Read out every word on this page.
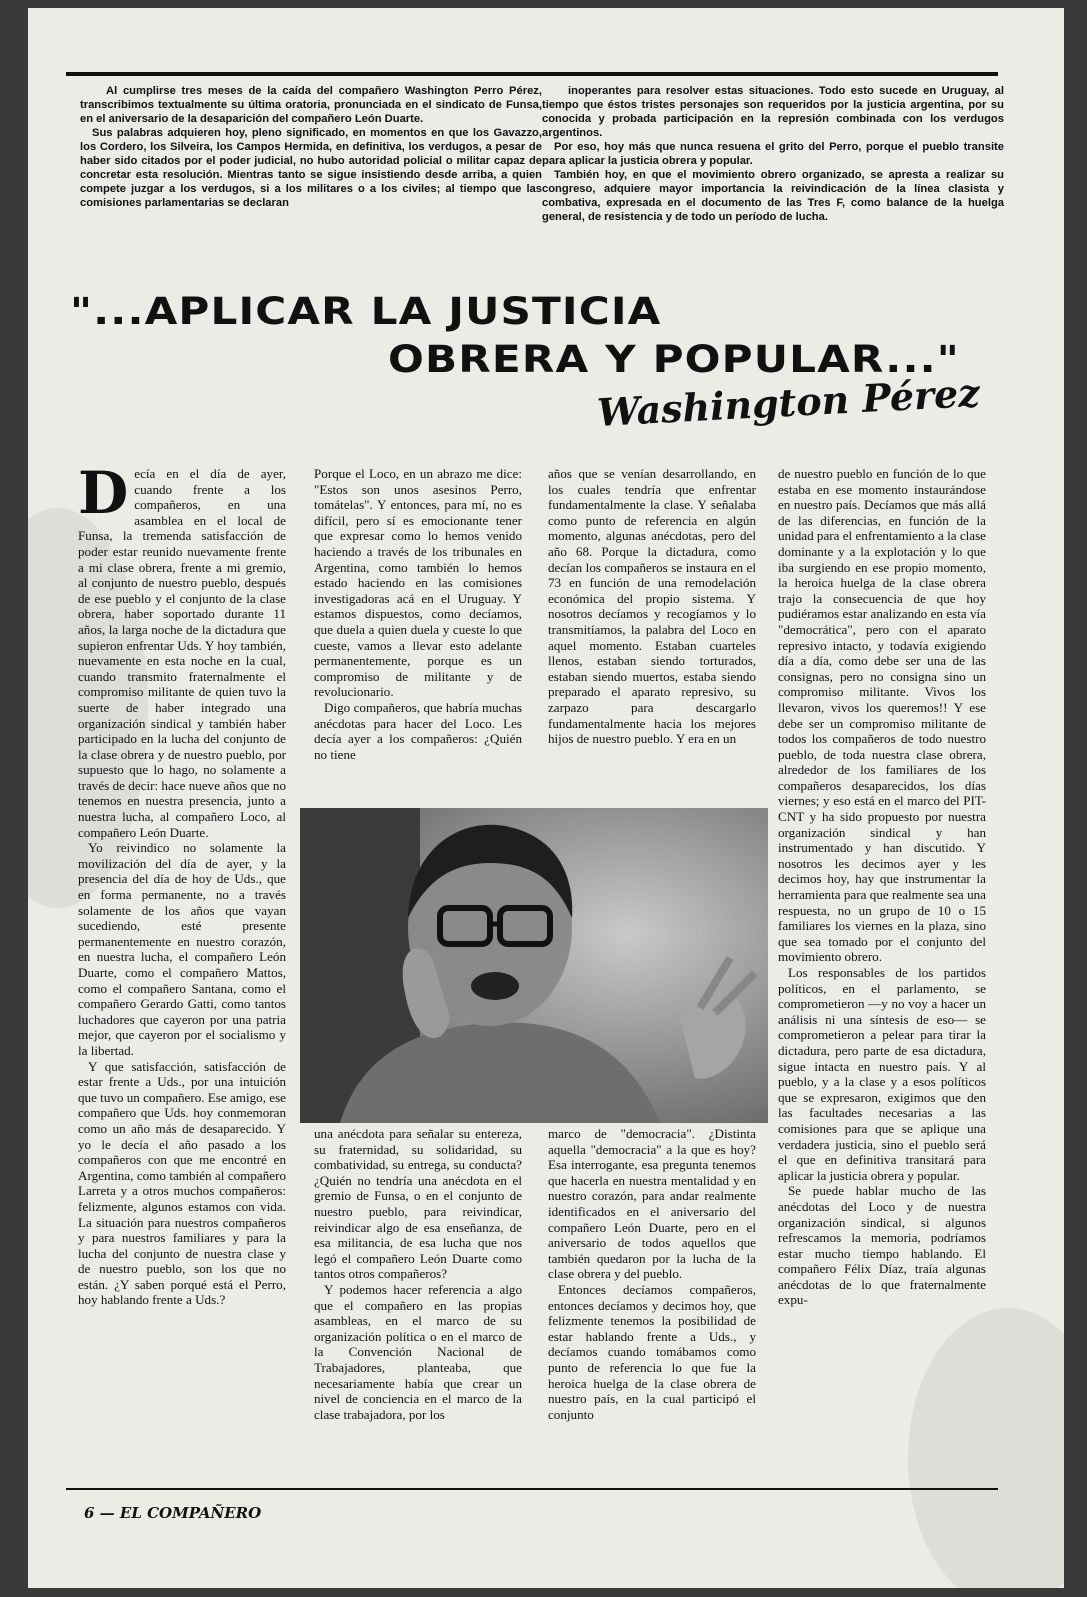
Al cumplirse tres meses de la caída del compañero Washington Perro Pérez, transcribimos textualmente su última oratoria, pronunciada en el sindicato de Funsa, en el aniversario de la desaparición del compañero León Duarte.

Sus palabras adquieren hoy, pleno significado, en momentos en que los Gavazzo, los Cordero, los Silveira, los Campos Hermida, en definitiva, los verdugos, a pesar de haber sido citados por el poder judicial, no hubo autoridad policial o militar capaz de concretar esta resolución. Mientras tanto se sigue insistiendo desde arriba, a quien compete juzgar a los verdugos, si a los militares o a los civiles; al tiempo que las comisiones parlamentarias se declaran

inoperantes para resolver estas situaciones. Todo esto sucede en Uruguay, al tiempo que éstos tristes personajes son requeridos por la justicia argentina, por su conocida y probada participación en la represión combinada con los verdugos argentinos.

Por eso, hoy más que nunca resuena el grito del Perro, porque el pueblo transite para aplicar la justicia obrera y popular.

También hoy, en que el movimiento obrero organizado, se apresta a realizar su congreso, adquiere mayor importancia la reivindicación de la línea clasista y combativa, expresada en el documento de las Tres F, como balance de la huelga general, de resistencia y de todo un período de lucha.

"...APLICAR LA JUSTICIA
OBRERA Y POPULAR..."
Washington Pérez
D ecía en el día de ayer, cuando frente a los compañeros, en una asamblea en el local de Funsa, la tremenda satisfacción de poder estar reunido nuevamente frente a mi clase obrera, frente a mi gremio, al conjunto de nuestro pueblo, después de ese pueblo y el conjunto de la clase obrera, haber soportado durante 11 años, la larga noche de la dictadura que supieron enfrentar Uds. Y hoy también, nuevamente en esta noche en la cual, cuando transmito fraternalmente el compromiso militante de quien tuvo la suerte de haber integrado una organización sindical y también haber participado en la lucha del conjunto de la clase obrera y de nuestro pueblo, por supuesto que lo hago, no solamente a través de decir: hace nueve años que no tenemos en nuestra presencia, junto a nuestra lucha, al compañero Loco, al compañero León Duarte.

Yo reivindico no solamente la movilización del día de ayer, y la presencia del día de hoy de Uds., que en forma permanente, no a través solamente de los años que vayan sucediendo, esté presente permanentemente en nuestro corazón, en nuestra lucha, el compañero León Duarte, como el compañero Mattos, como el compañero Santana, como el compañero Gerardo Gatti, como tantos luchadores que cayeron por una patria mejor, que cayeron por el socialismo y la libertad.

Y que satisfacción, satisfacción de estar frente a Uds., por una intuición que tuvo un compañero. Ese amigo, ese compañero que Uds. hoy conmemoran como un año más de desaparecido. Y yo le decía el año pasado a los compañeros con que me encontré en Argentina, como también al compañero Larreta y a otros muchos compañeros: felizmente, algunos estamos con vida. La situación para nuestros compañeros y para nuestros familiares y para la lucha del conjunto de nuestra clase y de nuestro pueblo, son los que no están. ¿Y saben porqué está el Perro, hoy hablando frente a Uds.?

Porque el Loco, en un abrazo me dice: "Estos son unos asesinos Perro, tomátelas". Y entonces, para mí, no es difícil, pero sí es emocionante tener que expresar como lo hemos venido haciendo a través de los tribunales en Argentina, como también lo hemos estado haciendo en las comisiones investigadoras acá en el Uruguay. Y estamos dispuestos, como decíamos, que duela a quien duela y cueste lo que cueste, vamos a llevar esto adelante permanentemente, porque es un compromiso de militante y de revolucionario.

Digo compañeros, que habría muchas anécdotas para hacer del Loco. Les decía ayer a los compañeros: ¿Quién no tiene

una anécdota para señalar su entereza, su fraternidad, su solidaridad, su combatividad, su entrega, su conducta? ¿Quién no tendría una anécdota en el gremio de Funsa, o en el conjunto de nuestro pueblo, para reivindicar, reivindicar algo de esa enseñanza, de esa militancia, de esa lucha que nos legó el compañero León Duarte como tantos otros compañeros?

Y podemos hacer referencia a algo que el compañero en las propias asambleas, en el marco de su organización política o en el marco de la Convención Nacional de Trabajadores, planteaba, que necesariamente había que crear un nivel de conciencia en el marco de la clase trabajadora, por los

años que se venían desarrollando, en los cuales tendría que enfrentar fundamentalmente la clase. Y señalaba como punto de referencia en algún momento, algunas anécdotas, pero del año 68. Porque la dictadura, como decían los compañeros se instaura en el 73 en función de una remodelación económica del propio sistema. Y nosotros decíamos y recogíamos y lo transmitíamos, la palabra del Loco en aquel momento. Estaban cuarteles llenos, estaban siendo torturados, estaban siendo muertos, estaba siendo preparado el aparato represivo, su zarpazo para descargarlo fundamentalmente hacia los mejores hijos de nuestro pueblo. Y era en un

marco de "democracia". ¿Distinta aquella "democracia" a la que es hoy? Esa interrogante, esa pregunta tenemos que hacerla en nuestra mentalidad y en nuestro corazón, para andar realmente identificados en el aniversario del compañero León Duarte, pero en el aniversario de todos aquellos que también quedaron por la lucha de la clase obrera y del pueblo.

Entonces decíamos compañeros, entonces decíamos y decimos hoy, que felizmente tenemos la posibilidad de estar hablando frente a Uds., y decíamos cuando tomábamos como punto de referencia lo que fue la heroica huelga de la clase obrera de nuestro país, en la cual participó el conjunto

de nuestro pueblo en función de lo que estaba en ese momento instaurándose en nuestro país. Decíamos que más allá de las diferencias, en función de la unidad para el enfrentamiento a la clase dominante y a la explotación y lo que iba surgiendo en ese propio momento, la heroica huelga de la clase obrera trajo la consecuencia de que hoy pudiéramos estar analizando en esta vía "democrática", pero con el aparato represivo intacto, y todavía exigiendo día a día, como debe ser una de las consignas, pero no consigna sino un compromiso militante. Vivos los llevaron, vivos los queremos!! Y ese debe ser un compromiso militante de todos los compañeros de todo nuestro pueblo, de toda nuestra clase obrera, alrededor de los familiares de los compañeros desaparecidos, los días viernes; y eso está en el marco del PIT-CNT y ha sido propuesto por nuestra organización sindical y han instrumentado y han discutido. Y nosotros les decimos ayer y les decimos hoy, hay que instrumentar la herramienta para que realmente sea una respuesta, no un grupo de 10 o 15 familiares los viernes en la plaza, sino que sea tomado por el conjunto del movimiento obrero.

Los responsables de los partidos políticos, en el parlamento, se comprometieron —y no voy a hacer un análisis ni una síntesis de eso— se comprometieron a pelear para tirar la dictadura, pero parte de esa dictadura, sigue intacta en nuestro país. Y al pueblo, y a la clase y a esos políticos que se expresaron, exigimos que den las facultades necesarias a las comisiones para que se aplique una verdadera justicia, sino el pueblo será el que en definitiva transitará para aplicar la justicia obrera y popular.

Se puede hablar mucho de las anécdotas del Loco y de nuestra organización sindical, si algunos refrescamos la memoria, podríamos estar mucho tiempo hablando. El compañero Félix Díaz, traía algunas anécdotas de lo que fraternalmente expu-

6 — EL COMPAÑERO
